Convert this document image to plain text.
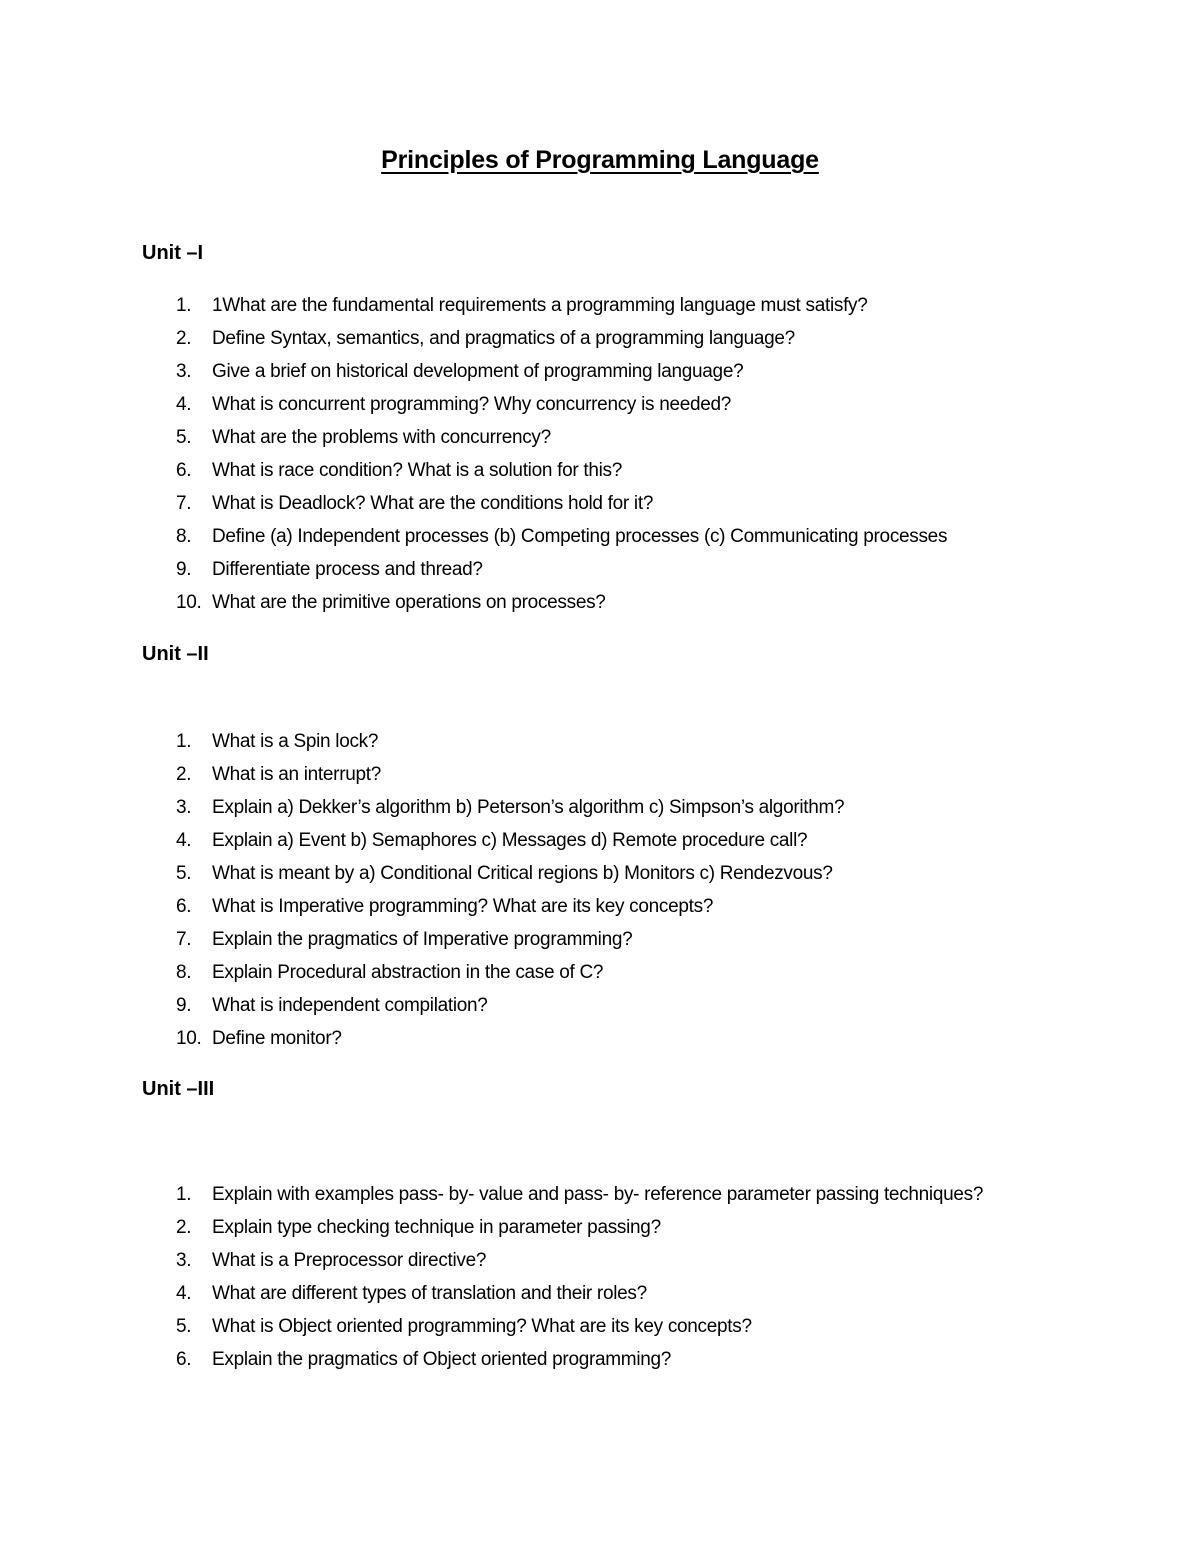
Principles of Programming Language
Unit –I
1. 1What are the fundamental requirements a programming language must satisfy?
2. Define Syntax, semantics, and pragmatics of a programming language?
3. Give a brief on historical development of programming language?
4. What is concurrent programming? Why concurrency is needed?
5. What are the problems with concurrency?
6. What is race condition? What is a solution for this?
7. What is Deadlock? What are the conditions hold for it?
8. Define (a) Independent processes (b) Competing processes (c) Communicating processes
9. Differentiate process and thread?
10. What are the primitive operations on processes?
Unit –II
1. What is a Spin lock?
2. What is an interrupt?
3. Explain a) Dekker’s algorithm b) Peterson’s algorithm c) Simpson’s algorithm?
4. Explain a) Event b) Semaphores c) Messages d) Remote procedure call?
5. What is meant by a) Conditional Critical regions b) Monitors c) Rendezvous?
6. What is Imperative programming? What are its key concepts?
7. Explain the pragmatics of Imperative programming?
8. Explain Procedural abstraction in the case of C?
9. What is independent compilation?
10. Define monitor?
Unit –III
1. Explain with examples pass- by- value and pass- by- reference parameter passing techniques?
2. Explain type checking technique in parameter passing?
3. What is a Preprocessor directive?
4. What are different types of translation and their roles?
5. What is Object oriented programming? What are its key concepts?
6. Explain the pragmatics of Object oriented programming?
